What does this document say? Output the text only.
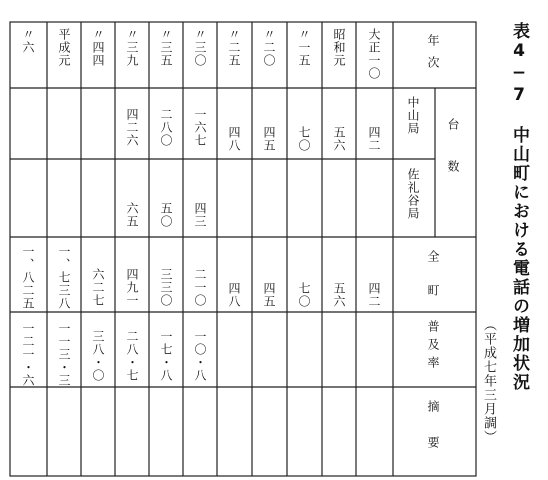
表4−7　中山町における電話の増加状況
（平成七年三月調）
年次
台数
中山局
佐礼谷局
全町
普及率
摘要
大正一〇
四二
四二
昭和元
五六
五六
〃一五
七〇
七〇
〃二〇
四五
四五
〃二五
四八
四八
〃三〇
一六七
四三
二一〇
一〇・八
〃三五
二八〇
五〇
三三〇
一七・八
〃三九
四二六
六五
四九一
二八・七
〃四四
六二七
三八・〇
平成元
一、七三八
一一三・三
〃六
一、八二五
一二一・六
